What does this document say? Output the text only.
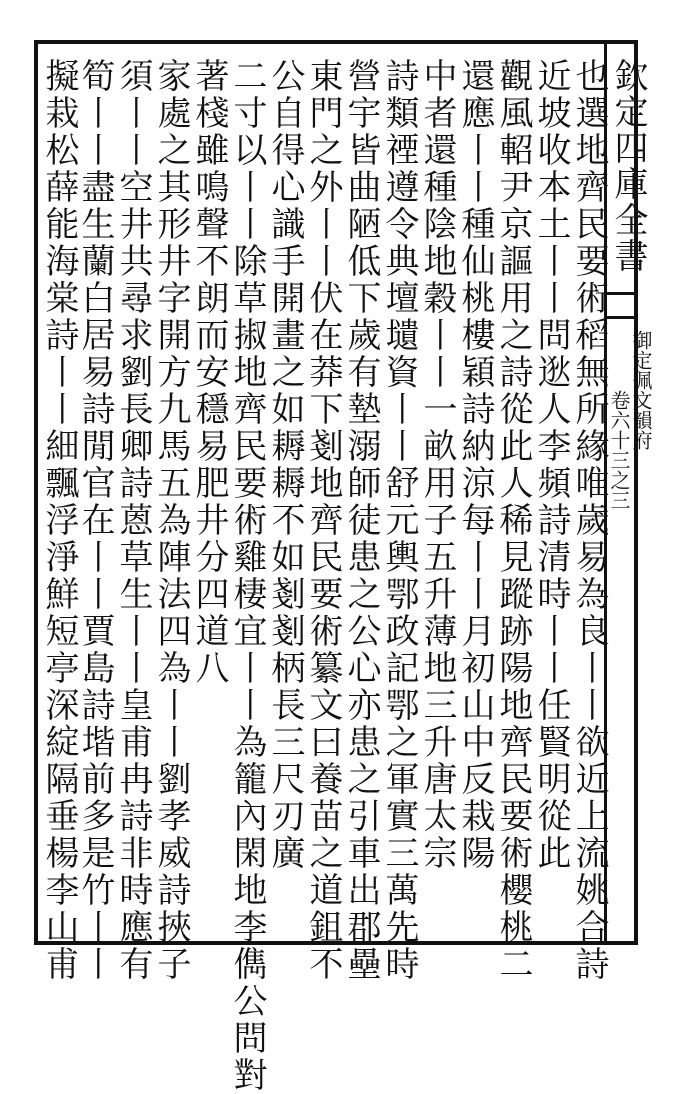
欽定四庫全書
御定佩文韻府
卷六十三之三
也選地齊民要術稻無所緣唯歲易為良丨丨欲近上流姚合詩
近坡收本土丨丨問逖人李頻詩清時丨丨任賢明從此
觀風軺尹京謳用之詩從此人稀見蹤跡陽地齊民要術櫻桃二
還應丨丨種仙桃樓穎詩納涼每丨丨月初山中反栽陽
中者還種陰地穀丨丨一畝用子五升薄地三升唐太宗
詩類禋遵令典壇壝資丨丨舒元輿鄂政記鄂之軍實三萬先時
營宇皆曲陋低下歲有墊溺師徒患之公心亦患之引車出郡壘
東門之外丨丨伏在莽下剗地齊民要術纂文曰養苗之道鉏不
公自得心識手開畫之如耨耨不如剗剗柄長三尺刃廣
二寸以丨丨除草掓地齊民要術雞棲宜丨丨為籠內閑地李儁公問對
著棧雖鳴聲不朗而安穩易肥井分四道八
家處之其形井字開方九馬五為陣法四為丨丨劉孝威詩挾子
須丨丨空井共尋求劉長卿詩蒽草生丨丨皇甫冉詩非時應有
筍丨丨盡生蘭白居易詩閒官在丨丨賈島詩堦前多是竹丨丨
擬栽松薛能海棠詩丨丨細飄浮淨鮮短亭深綻隔垂楊李山甫
